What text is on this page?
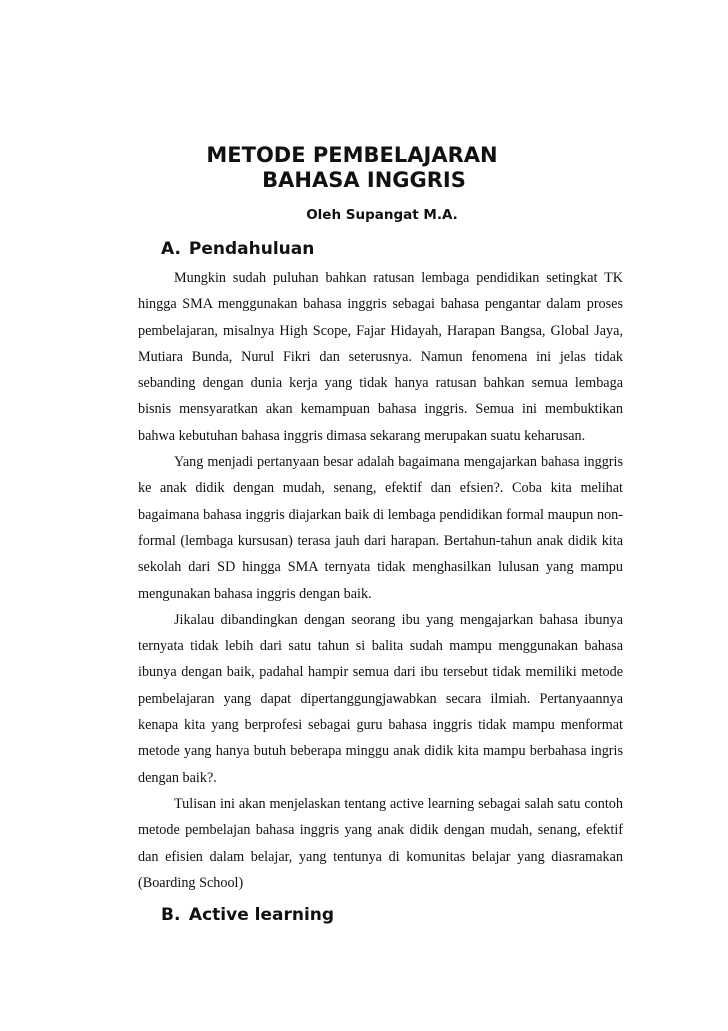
METODE PEMBELAJARAN
BAHASA INGGRIS
Oleh Supangat M.A.
A. Pendahuluan

Mungkin sudah puluhan bahkan ratusan lembaga pendidikan setingkat TK hingga SMA menggunakan bahasa inggris sebagai bahasa pengantar dalam proses pembelajaran, misalnya High Scope, Fajar Hidayah, Harapan Bangsa, Global Jaya, Mutiara Bunda, Nurul Fikri dan seterusnya. Namun fenomena ini jelas tidak sebanding dengan dunia kerja yang tidak hanya ratusan bahkan semua lembaga bisnis mensyaratkan akan kemampuan bahasa inggris. Semua ini membuktikan bahwa kebutuhan bahasa inggris dimasa sekarang merupakan suatu keharusan.

Yang menjadi pertanyaan besar adalah bagaimana mengajarkan bahasa inggris ke anak didik dengan mudah, senang, efektif dan efsien?. Coba kita melihat bagaimana bahasa inggris diajarkan baik di lembaga pendidikan formal maupun non-formal (lembaga kursusan) terasa jauh dari harapan. Bertahun-tahun anak didik kita sekolah dari SD hingga SMA ternyata tidak menghasilkan lulusan yang mampu mengunakan bahasa inggris dengan baik.

Jikalau dibandingkan dengan seorang ibu yang mengajarkan bahasa ibunya ternyata tidak lebih dari satu tahun si balita sudah mampu menggunakan bahasa ibunya dengan baik, padahal hampir semua dari ibu tersebut tidak memiliki metode pembelajaran yang dapat dipertanggungjawabkan secara ilmiah. Pertanyaannya kenapa kita yang berprofesi sebagai guru bahasa inggris tidak mampu menformat metode yang hanya butuh beberapa minggu anak didik kita mampu berbahasa ingris dengan baik?.

Tulisan ini akan menjelaskan tentang active learning sebagai salah satu contoh metode pembelajan bahasa inggris yang anak didik dengan mudah, senang, efektif dan efisien dalam belajar, yang tentunya di komunitas belajar yang diasramakan (Boarding School)

B. Active learning
